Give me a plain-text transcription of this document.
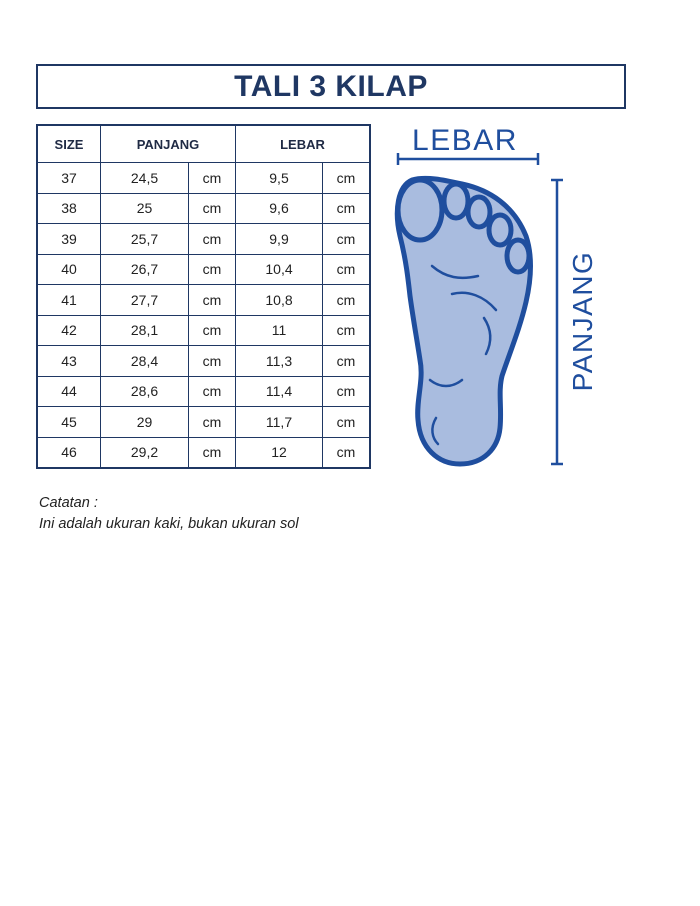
TALI 3 KILAP
SIZE	PANJANG		LEBAR	
37	24,5	cm	9,5	cm
38	25	cm	9,6	cm
39	25,7	cm	9,9	cm
40	26,7	cm	10,4	cm
41	27,7	cm	10,8	cm
42	28,1	cm	11	cm
43	28,4	cm	11,3	cm
44	28,6	cm	11,4	cm
45	29	cm	11,7	cm
46	29,2	cm	12	cm
LEBAR
PANJANG
Catatan :
Ini adalah ukuran kaki, bukan ukuran sol
